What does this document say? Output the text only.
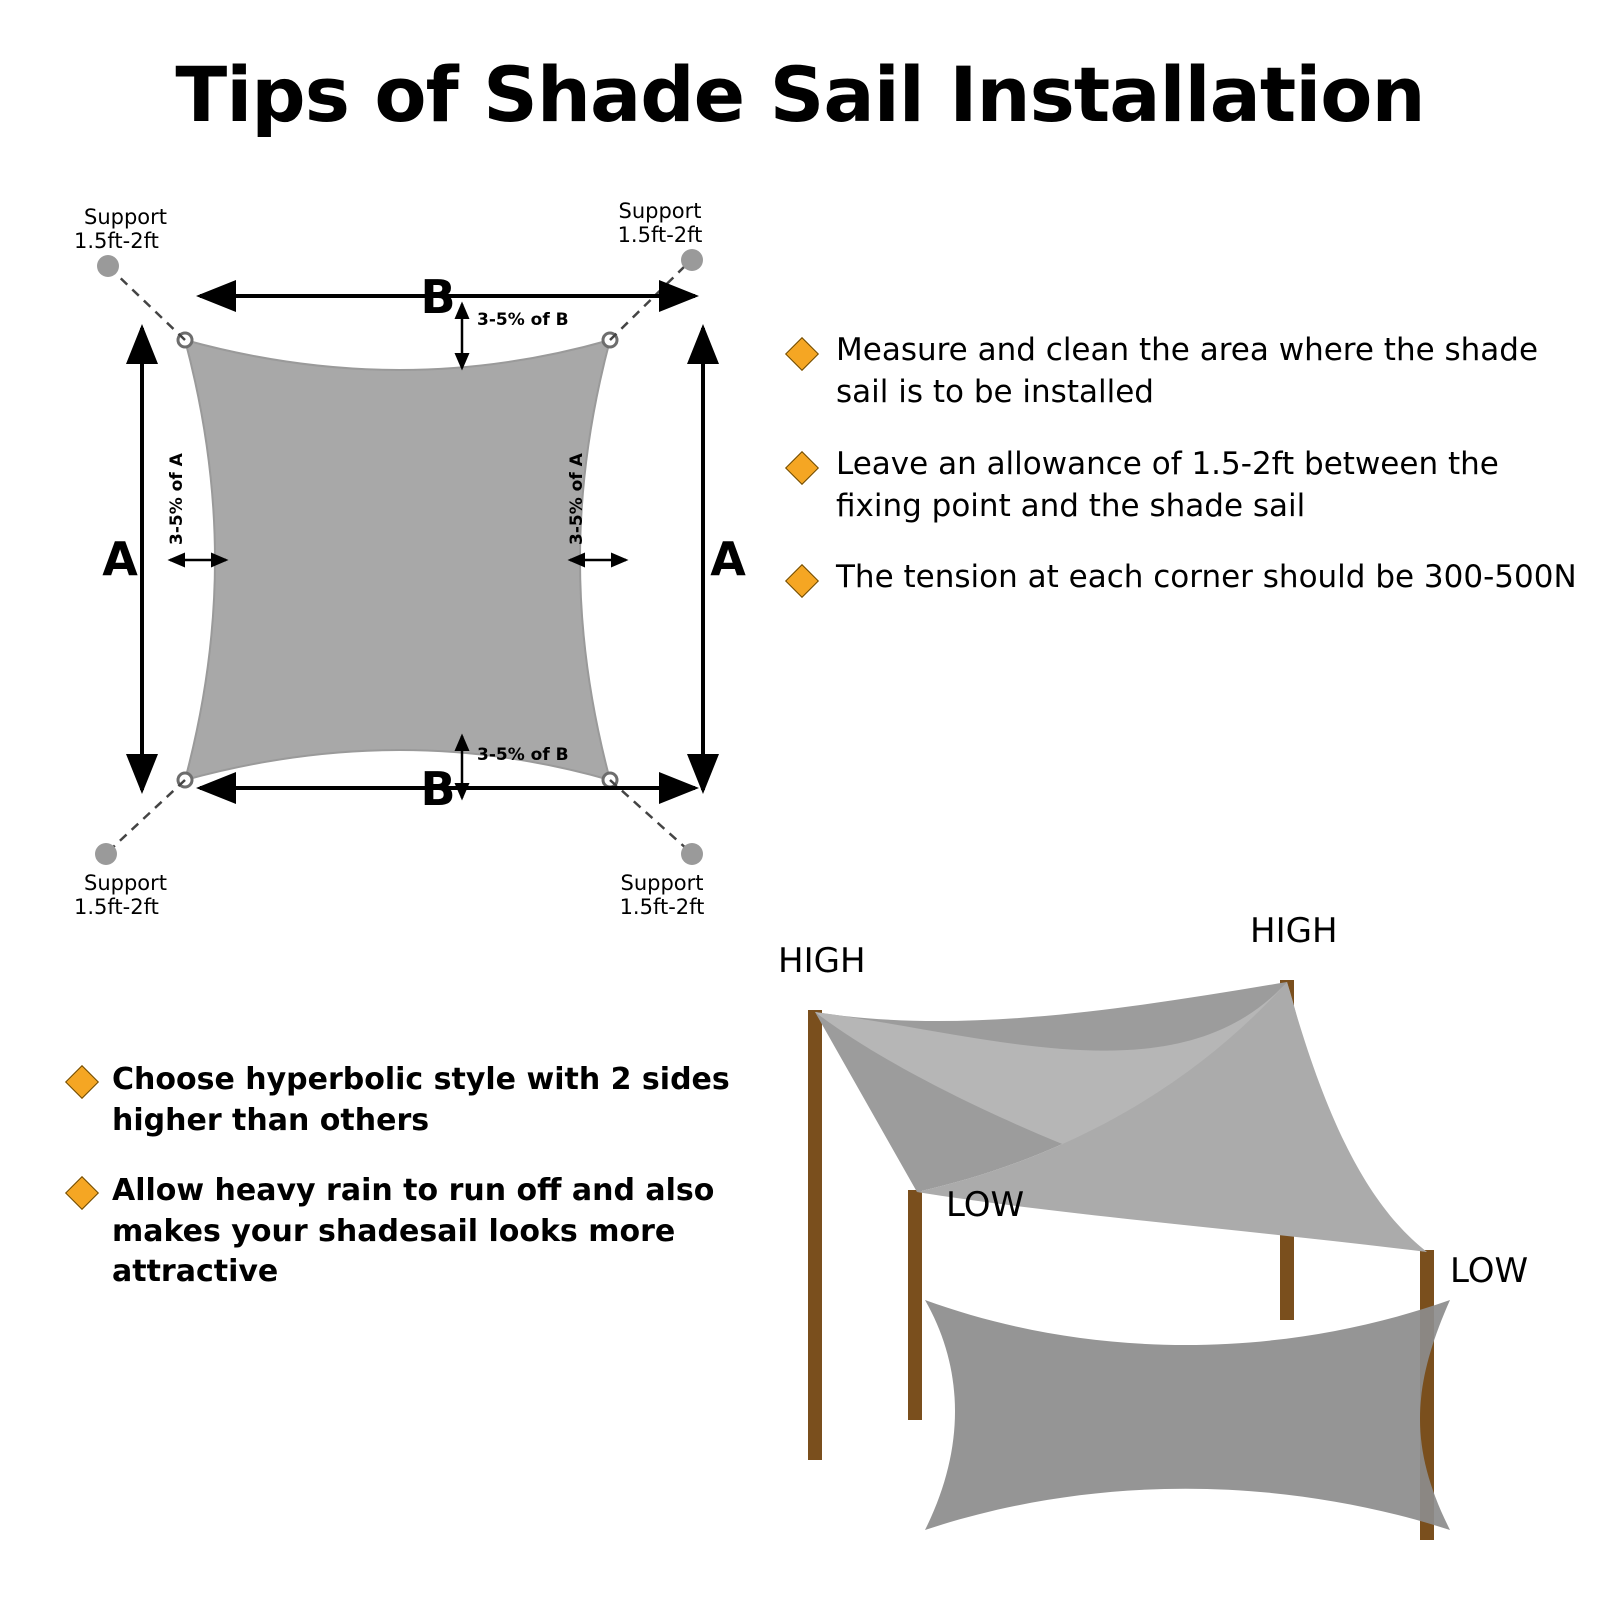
Tips of Shade Sail Installation
B
B
A	A
3-5% of B
3-5% of B
3-5% of A	3-5% of A
Support
1.5ft-2ft
Support
1.5ft-2ft
Support
1.5ft-2ft
Support
1.5ft-2ft
Measure and clean the area where the shade sail is to be installed
Leave an allowance of 1.5-2ft between the fixing point and the shade sail
The tension at each corner should be 300-500N
Choose hyperbolic style with 2 sides higher than others
Allow heavy rain to run off and also makes your shadesail looks more attractive
HIGH
HIGH
LOW
LOW
